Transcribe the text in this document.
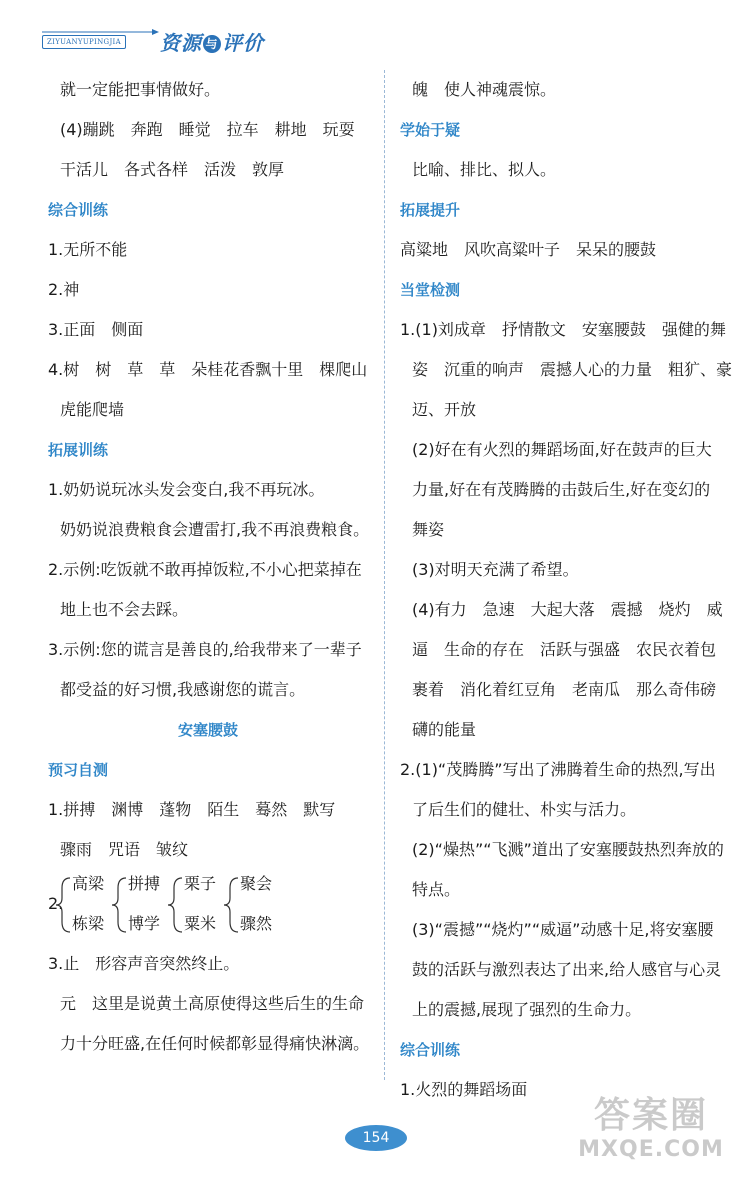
ZIYUANYUPINGJIA 资源 与 评价
就一定能把事情做好。
(4)蹦跳　奔跑　睡觉　拉车　耕地　玩耍
干活儿　各式各样　活泼　敦厚
综合训练
1.无所不能
2.神
3.正面　侧面
4.树　树　草　草　朵桂花香飘十里　棵爬山
虎能爬墙
拓展训练
1.奶奶说玩冰头发会变白,我不再玩冰。
奶奶说浪费粮食会遭雷打,我不再浪费粮食。
2.示例:吃饭就不敢再掉饭粒,不小心把菜掉在
地上也不会去踩。
3.示例:您的谎言是善良的,给我带来了一辈子
都受益的好习惯,我感谢您的谎言。
安塞腰鼓
预习自测
1.拼搏　渊博　蓬物　陌生　蓦然　默写
骤雨　咒语　皱纹
2.
高梁
栋梁
拼搏
博学
栗子
粟米
聚会
骤然
3.止　形容声音突然终止。
元　这里是说黄土高原使得这些后生的生命
力十分旺盛,在任何时候都彰显得痛快淋漓。
魄　使人神魂震惊。
学始于疑
比喻、排比、拟人。
拓展提升
高粱地　风吹高粱叶子　呆呆的腰鼓
当堂检测
1.(1)刘成章　抒情散文　安塞腰鼓　强健的舞
姿　沉重的响声　震撼人心的力量　粗犷、豪
迈、开放
(2)好在有火烈的舞蹈场面,好在鼓声的巨大
力量,好在有茂腾腾的击鼓后生,好在变幻的
舞姿
(3)对明天充满了希望。
(4)有力　急速　大起大落　震撼　烧灼　威
逼　生命的存在　活跃与强盛　农民衣着包
裹着　消化着红豆角　老南瓜　那么奇伟磅
礴的能量
2.(1)“茂腾腾”写出了沸腾着生命的热烈,写出
了后生们的健壮、朴实与活力。
(2)“燥热”“飞溅”道出了安塞腰鼓热烈奔放的
特点。
(3)“震撼”“烧灼”“威逼”动感十足,将安塞腰
鼓的活跃与激烈表达了出来,给人感官与心灵
上的震撼,展现了强烈的生命力。
综合训练
1.火烈的舞蹈场面
154
答案圈
MXQE.COM
